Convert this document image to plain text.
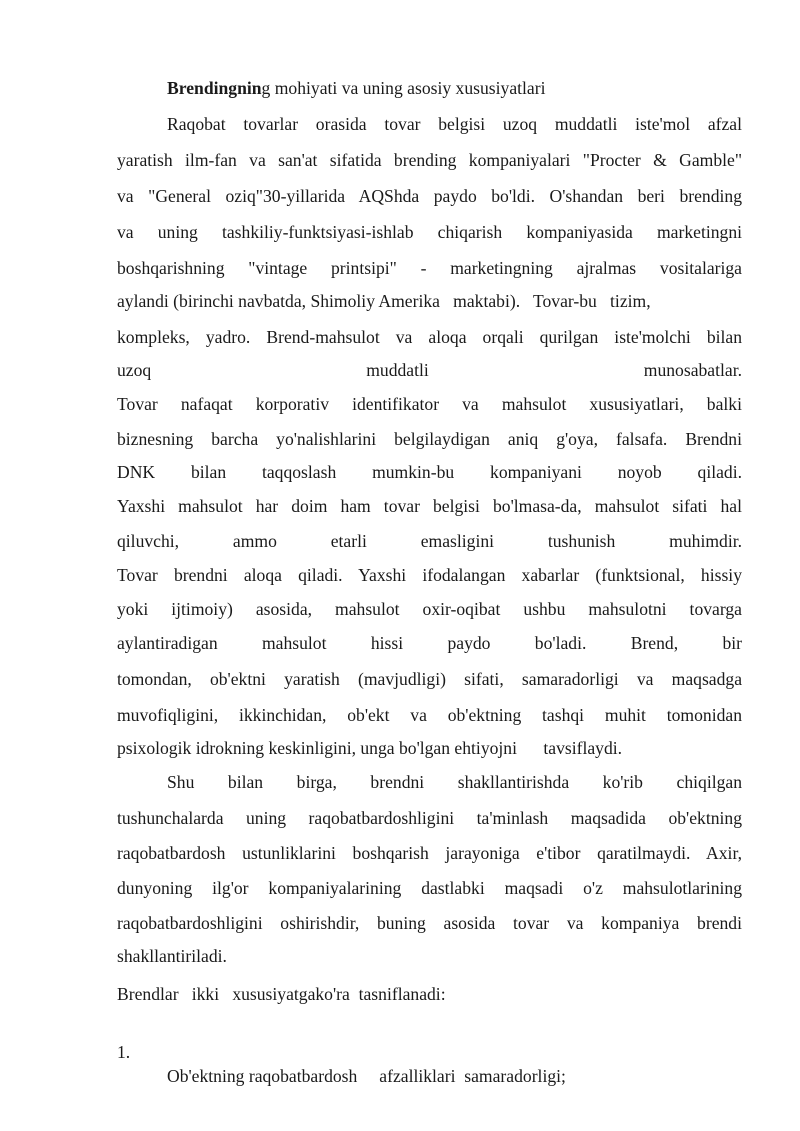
Brendingning mohiyati va uning asosiy xususiyatlari
Raqobat tovarlar orasida tovar belgisi uzoq muddatli iste'mol afzal
yaratish ilm-fan va san'at sifatida brending kompaniyalari "Procter & Gamble"
va "General oziq"30-yillarida AQShda paydo bo'ldi. O'shandan beri brending
va uning tashkiliy-funktsiyasi-ishlab chiqarish kompaniyasida marketingni
boshqarishning "vintage printsipi" - marketingning ajralmas vositalariga
aylandi (birinchi navbatda, Shimoliy Amerika   maktabi).   Tovar-bu   tizim,
kompleks, yadro. Brend-mahsulot va aloqa orqali qurilgan iste'molchi bilan
uzoq muddatli munosabatlar.
Tovar nafaqat korporativ identifikator va mahsulot xususiyatlari, balki
biznesning barcha yo'nalishlarini belgilaydigan aniq g'oya, falsafa. Brendni
DNK bilan taqqoslash mumkin-bu kompaniyani noyob qiladi.
Yaxshi mahsulot har doim ham tovar belgisi bo'lmasa-da, mahsulot sifati hal
qiluvchi, ammo etarli emasligini tushunish muhimdir.
Tovar brendni aloqa qiladi. Yaxshi ifodalangan xabarlar (funktsional, hissiy
yoki ijtimoiy) asosida, mahsulot oxir-oqibat ushbu mahsulotni tovarga
aylantiradigan mahsulot hissi paydo bo'ladi. Brend, bir
tomondan, ob'ektni yaratish (mavjudligi) sifati, samaradorligi va maqsadga
muvofiqligini, ikkinchidan, ob'ekt va ob'ektning tashqi muhit tomonidan
psixologik idrokning keskinligini, unga bo'lgan ehtiyojni      tavsiflaydi.
Shu bilan birga, brendni shakllantirishda ko'rib chiqilgan
tushunchalarda uning raqobatbardoshligini ta'minlash maqsadida ob'ektning
raqobatbardosh ustunliklarini boshqarish jarayoniga e'tibor qaratilmaydi. Axir,
dunyoning ilg'or kompaniyalarining dastlabki maqsadi o'z mahsulotlarining
raqobatbardoshligini oshirishdir, buning asosida tovar va kompaniya brendi
shakllantiriladi.
Brendlar   ikki   xususiyatgako'ra  tasniflanadi:

1.

Ob'ektning raqobatbardosh     afzalliklari  samaradorligi;
